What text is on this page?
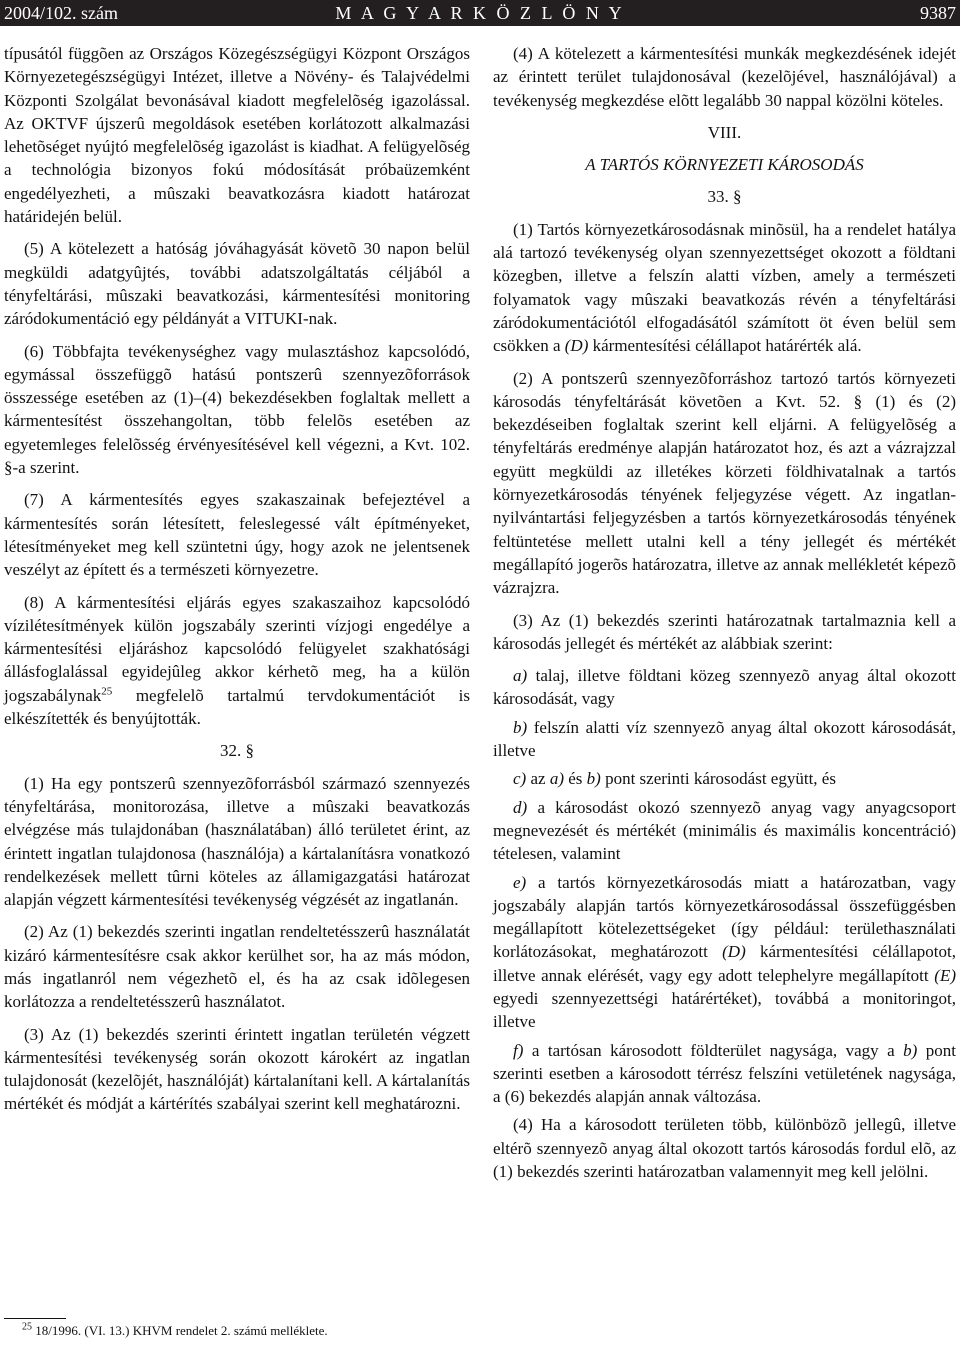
2004/102. szám	M A G Y A R K Ö Z L Ö N Y	9387

típusától függõen az Országos Közegészségügyi Központ Országos Környezetegészségügyi Intézet, illetve a Növény- és Talajvédelmi Központi Szolgálat bevonásával kiadott megfelelõség igazolással. Az OKTVF újszerû megoldások esetében korlátozott alkalmazási lehetõséget nyújtó megfelelõség igazolást is kiadhat. A felügyelõség a technológia bizonyos fokú módosítását próbaüzemként engedélyezheti, a mûszaki beavatkozásra kiadott határozat határidején belül.

(5) A kötelezett a hatóság jóváhagyását követõ 30 napon belül megküldi adatgyûjtés, további adatszolgáltatás céljából a tényfeltárási, mûszaki beavatkozási, kármentesítési monitoring záródokumentáció egy példányát a VITUKI-nak.

(6) Többfajta tevékenységhez vagy mulasztáshoz kapcsolódó, egymással összefüggõ hatású pontszerû szennyezõforrások összessége esetében az (1)–(4) bekezdésekben foglaltak mellett a kármentesítést összehangoltan, több felelõs esetében az egyetemleges felelõsség érvényesítésével kell végezni, a Kvt. 102. §-a szerint.

(7) A kármentesítés egyes szakaszainak befejeztével a kármentesítés során létesített, feleslegessé vált építményeket, létesítményeket meg kell szüntetni úgy, hogy azok ne jelentsenek veszélyt az épített és a természeti környezetre.

(8) A kármentesítési eljárás egyes szakaszaihoz kapcsolódó vízilétesítmények külön jogszabály szerinti vízjogi engedélye a kármentesítési eljáráshoz kapcsolódó felügyelet szakhatósági állásfoglalással egyidejûleg akkor kérhetõ meg, ha a külön jogszabálynak$^{25}$ megfelelõ tartalmú tervdokumentációt is elkészítették és benyújtották.

32. §

(1) Ha egy pontszerû szennyezõforrásból származó szennyezés tényfeltárása, monitorozása, illetve a mûszaki beavatkozás elvégzése más tulajdonában (használatában) álló területet érint, az érintett ingatlan tulajdonosa (használója) a kártalanításra vonatkozó rendelkezések mellett tûrni köteles az államigazgatási határozat alapján végzett kármentesítési tevékenység végzését az ingatlanán.

(2) Az (1) bekezdés szerinti ingatlan rendeltetésszerû használatát kizáró kármentesítésre csak akkor kerülhet sor, ha az más módon, más ingatlanról nem végezhetõ el, és ha az csak idõlegesen korlátozza a rendeltetésszerû használatot.

(3) Az (1) bekezdés szerinti érintett ingatlan területén végzett kármentesítési tevékenység során okozott károkért az ingatlan tulajdonosát (kezelõjét, használóját) kártalanítani kell. A kártalanítás mértékét és módját a kártérítés szabályai szerint kell meghatározni.

(4) A kötelezett a kármentesítési munkák megkezdésének idejét az érintett terület tulajdonosával (kezelõjével, használójával) a tevékenység megkezdése elõtt legalább 30 nappal közölni köteles.

VIII.

A TARTÓS KÖRNYEZETI KÁROSODÁS

33. §

(1) Tartós környezetkárosodásnak minõsül, ha a rendelet hatálya alá tartozó tevékenység olyan szennyezettséget okozott a földtani közegben, illetve a felszín alatti vízben, amely a természeti folyamatok vagy mûszaki beavatkozás révén a tényfeltárási záródokumentációtól elfogadásától számított öt éven belül sem csökken a (D) kármentesítési célállapot határérték alá.

(2) A pontszerû szennyezõforráshoz tartozó tartós környezeti károsodás tényfeltárását követõen a Kvt. 52. § (1) és (2) bekezdéseiben foglaltak szerint kell eljárni. A felügyelõség a tényfeltárás eredménye alapján határozatot hoz, és azt a vázrajzzal együtt megküldi az illetékes körzeti földhivatalnak a tartós környezetkárosodás tényének feljegyzése végett. Az ingatlan-nyilvántartási feljegyzésben a tartós környezetkárosodás tényének feltüntetése mellett utalni kell a tény jellegét és mértékét megállapító jogerõs határozatra, illetve az annak mellékletét képezõ vázrajzra.

(3) Az (1) bekezdés szerinti határozatnak tartalmaznia kell a károsodás jellegét és mértékét az alábbiak szerint:

a) talaj, illetve földtani közeg szennyezõ anyag által okozott károsodását, vagy

b) felszín alatti víz szennyezõ anyag által okozott károsodását, illetve

c) az a) és b) pont szerinti károsodást együtt, és

d) a károsodást okozó szennyezõ anyag vagy anyagcsoport megnevezését és mértékét (minimális és maximális koncentráció) tételesen, valamint

e) a tartós környezetkárosodás miatt a határozatban, vagy jogszabály alapján tartós környezetkárosodással összefüggésben megállapított kötelezettségeket (így például: területhasználati korlátozásokat, meghatározott (D) kármentesítési célállapotot, illetve annak elérését, vagy egy adott telephelyre megállapított (E) egyedi szennyezettségi határértéket), továbbá a monitoringot, illetve

f) a tartósan károsodott földterület nagysága, vagy a b) pont szerinti esetben a károsodott térrész felszíni vetületének nagysága, a (6) bekezdés alapján annak változása.

(4) Ha a károsodott területen több, különbözõ jellegû, illetve eltérõ szennyezõ anyag által okozott tartós károsodás fordul elõ, az (1) bekezdés szerinti határozatban valamennyit meg kell jelölni.

$^{25}$ 18/1996. (VI. 13.) KHVM rendelet 2. számú melléklete.
